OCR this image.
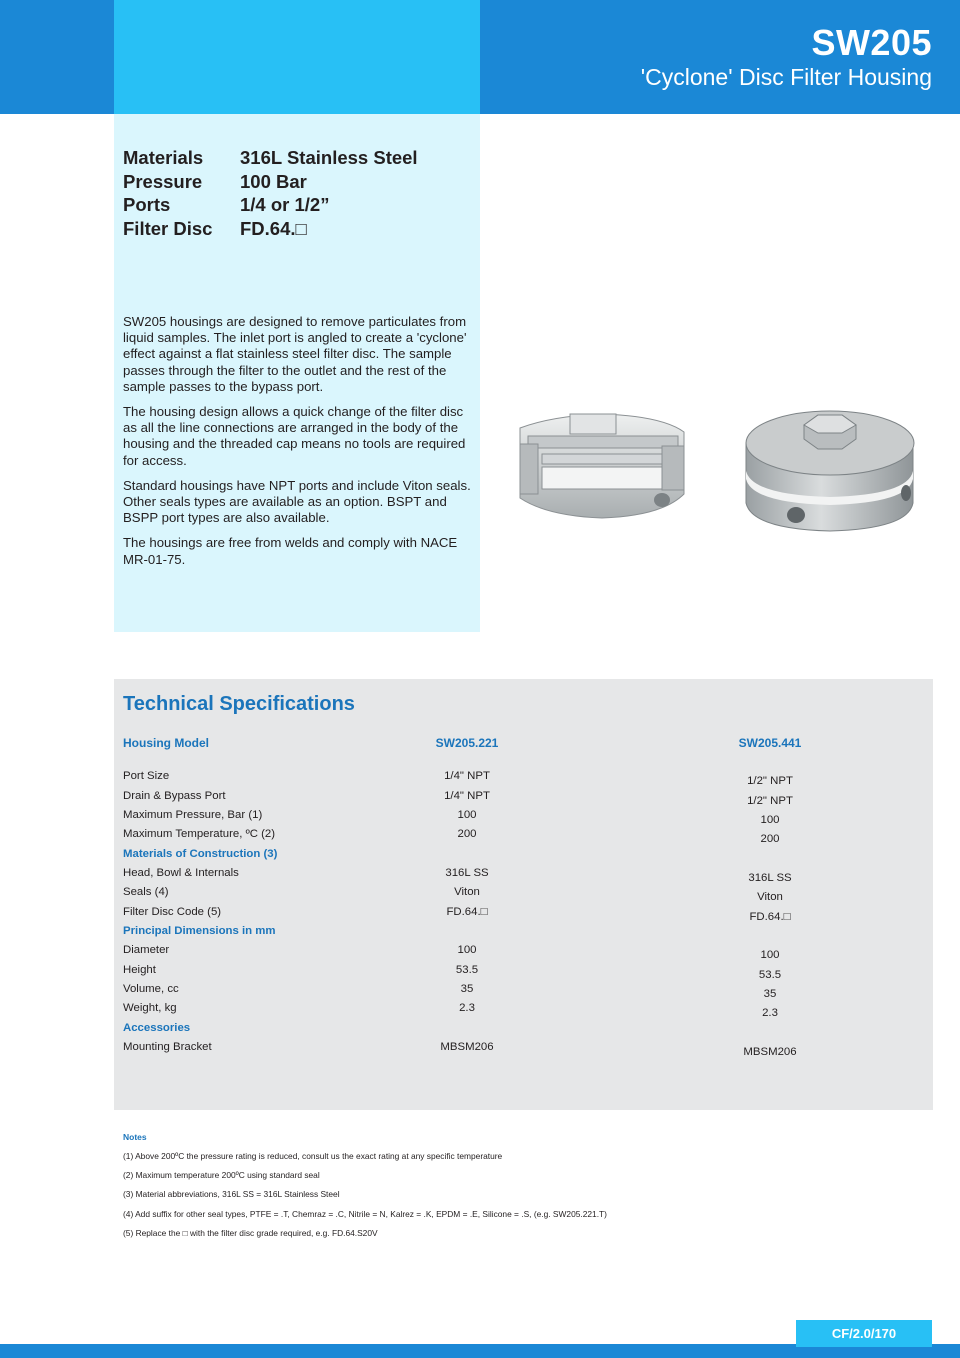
SW205
'Cyclone' Disc Filter Housing
Materials	316L Stainless Steel
Pressure	100 Bar
Ports	1/4 or 1/2”
Filter Disc	FD.64.□

SW205 housings are designed to remove particulates from liquid samples. The inlet port is angled to create a 'cyclone' effect against a flat stainless steel filter disc. The sample passes through the filter to the outlet and the rest of the sample passes to the bypass port.

The housing design allows a quick change of the filter disc as all the line connections are arranged in the body of the housing and the threaded cap means no tools are required for access.

Standard housings have NPT ports and include Viton seals. Other seals types are available as an option. BSPT and BSPP port types are also available.

The housings are free from welds and comply with NACE MR-01-75.

Technical Specifications
Housing Model	SW205.221	SW205.441
Port Size	1/4" NPT	1/2" NPT
Drain & Bypass Port	1/4" NPT	1/2" NPT
Maximum Pressure, Bar (1)	100	100
Maximum Temperature, ºC (2)	200	200
Materials of Construction (3)
Head, Bowl & Internals	316L SS	316L SS
Seals (4)	Viton	Viton
Filter Disc Code (5)	FD.64.□	FD.64.□
Principal Dimensions in mm
Diameter	100	100
Height	53.5	53.5
Volume, cc	35	35
Weight, kg	2.3	2.3
Accessories
Mounting Bracket	MBSM206	MBSM206
Notes
(1) Above 200ºC the pressure rating is reduced, consult us the exact rating at any specific temperature
(2) Maximum temperature 200ºC using standard seal
(3) Material abbreviations, 316L SS = 316L Stainless Steel
(4) Add suffix for other seal types, PTFE = .T, Chemraz = .C, Nitrile = N, Kalrez = .K, EPDM = .E, Silicone = .S, (e.g. SW205.221.T)
(5) Replace the □ with the filter disc grade required, e.g. FD.64.S20V
CF/2.0/170
